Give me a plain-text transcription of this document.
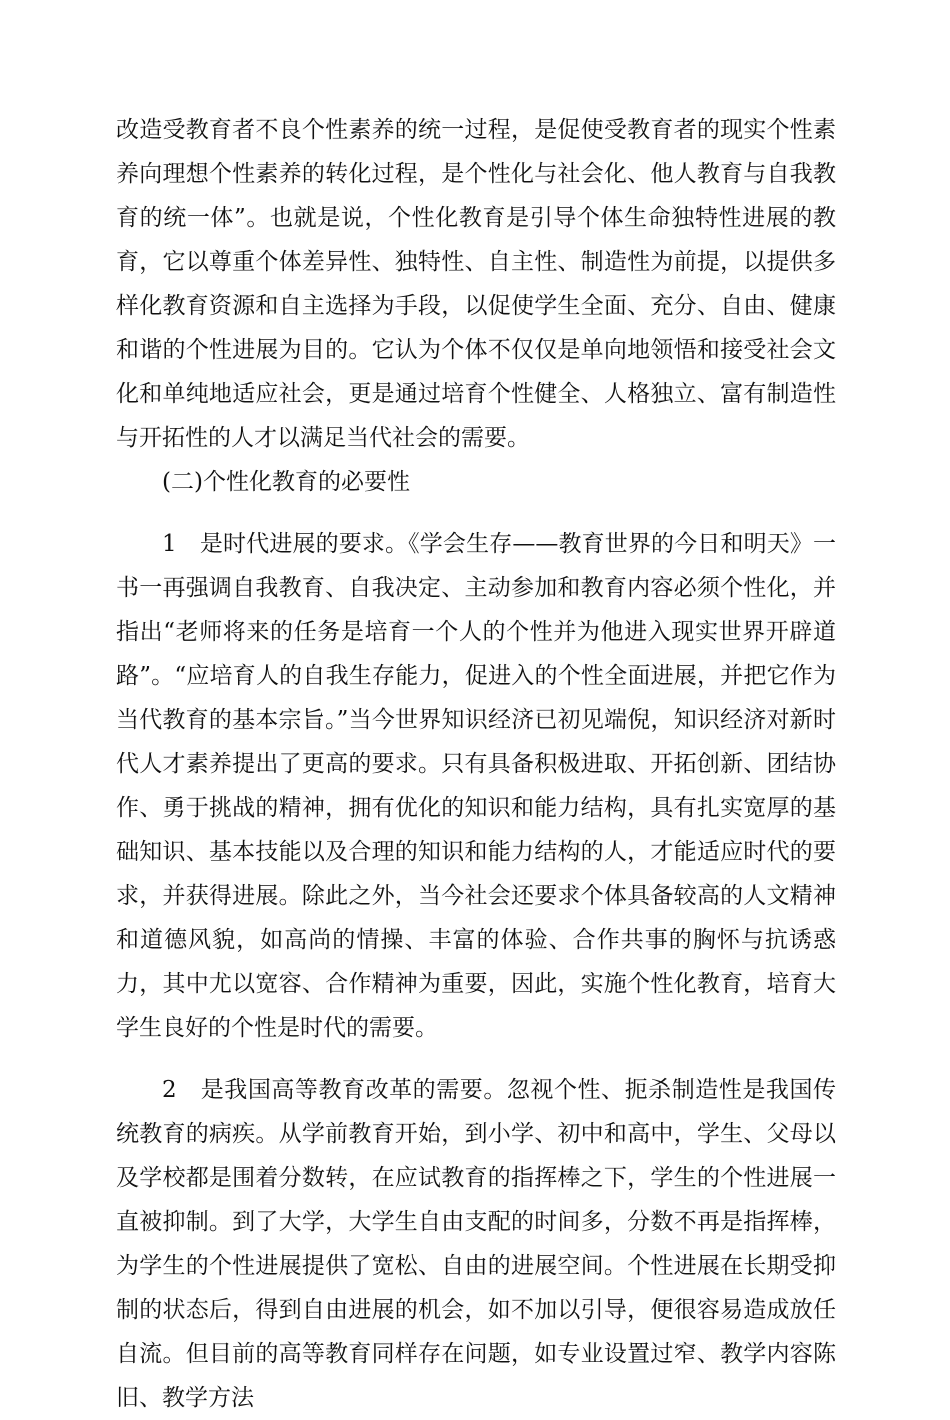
改造受教育者不良个性素养的统一过程，是促使受教育者的现实个性素养向理想个性素养的转化过程，是个性化与社会化、他人教育与自我教育的统一体”。也就是说，个性化教育是引导个体生命独特性进展的教育，它以尊重个体差异性、独特性、自主性、制造性为前提，以提供多样化教育资源和自主选择为手段，以促使学生全面、充分、自由、健康和谐的个性进展为目的。它认为个体不仅仅是单向地领悟和接受社会文化和单纯地适应社会，更是通过培育个性健全、人格独立、富有制造性与开拓性的人才以满足当代社会的需要。

(二)个性化教育的必要性

1　是时代进展的要求。《学会生存——教育世界的今日和明天》一书一再强调自我教育、自我决定、主动参加和教育内容必须个性化，并指出“老师将来的任务是培育一个人的个性并为他进入现实世界开辟道路”。“应培育人的自我生存能力，促进入的个性全面进展，并把它作为当代教育的基本宗旨。”当今世界知识经济已初见端倪，知识经济对新时代人才素养提出了更高的要求。只有具备积极进取、开拓创新、团结协作、勇于挑战的精神，拥有优化的知识和能力结构，具有扎实宽厚的基础知识、基本技能以及合理的知识和能力结构的人，才能适应时代的要求，并获得进展。除此之外，当今社会还要求个体具备较高的人文精神和道德风貌，如高尚的情操、丰富的体验、合作共事的胸怀与抗诱惑力，其中尤以宽容、合作精神为重要，因此，实施个性化教育，培育大学生良好的个性是时代的需要。

2　是我国高等教育改革的需要。忽视个性、扼杀制造性是我国传统教育的病疾。从学前教育开始，到小学、初中和高中，学生、父母以及学校都是围着分数转，在应试教育的指挥棒之下，学生的个性进展一直被抑制。到了大学，大学生自由支配的时间多，分数不再是指挥棒，为学生的个性进展提供了宽松、自由的进展空间。个性进展在长期受抑制的状态后，得到自由进展的机会，如不加以引导，便很容易造成放任自流。但目前的高等教育同样存在问题，如专业设置过窄、教学内容陈旧、教学方法
